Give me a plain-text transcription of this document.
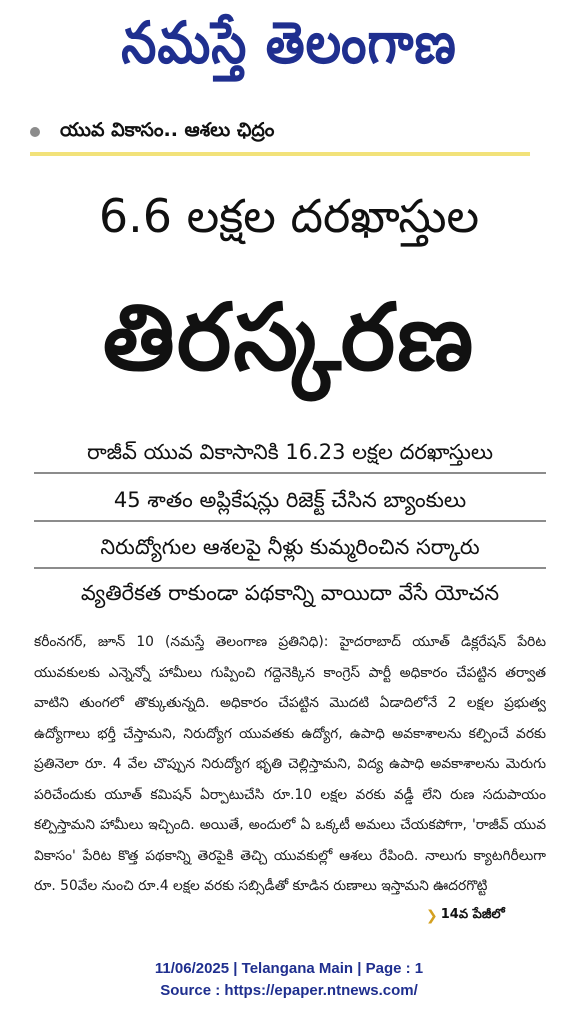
నమస్తే తెలంగాణ
యువ వికాసం.. ఆశలు ఛిద్రం
6.6 లక్షల దరఖాస్తుల
తిరస్కరణ
రాజీవ్ యువ వికాసానికి 16.23 లక్షల దరఖాస్తులు
45 శాతం అప్లికేషన్లు రిజెక్ట్ చేసిన బ్యాంకులు
నిరుద్యోగుల ఆశలపై నీళ్లు కుమ్మరించిన సర్కారు
వ్యతిరేకత రాకుండా పథకాన్ని వాయిదా వేసే యోచన
కరీంనగర్, జూన్ 10 (నమస్తే తెలంగాణ ప్రతినిధి): హైదరాబాద్ యూత్ డిక్లరేషన్ పేరిట యువకులకు ఎన్నెన్నో హామీలు గుప్పించి గద్దెనెక్కిన కాంగ్రెస్ పార్టీ అధికారం చేపట్టిన తర్వాత వాటిని తుంగలో తొక్కుతున్నది. అధికారం చేపట్టిన మొదటి ఏడాదిలోనే 2 లక్షల ప్రభుత్వ ఉద్యోగాలు భర్తీ చేస్తామని, నిరుద్యోగ యువతకు ఉద్యోగ, ఉపాధి అవకాశాలను కల్పించే వరకు ప్రతినెలా రూ. 4 వేల చొప్పున నిరుద్యోగ భృతి చెల్లిస్తామని, విద్య ఉపాధి అవకాశాలను మెరుగు పరిచేందుకు యూత్ కమిషన్ ఏర్పాటుచేసి రూ.10 లక్షల వరకు వడ్డీ లేని రుణ సదుపాయం కల్పిస్తామని హామీలు ఇచ్చింది. అయితే, అందులో ఏ ఒక్కటీ అమలు చేయకపోగా, 'రాజీవ్ యువ వికాసం' పేరిట కొత్త పథకాన్ని తెరపైకి తెచ్చి యువకుల్లో ఆశలు రేపింది. నాలుగు క్యాటగిరీలుగా రూ. 50వేల నుంచి రూ.4 లక్షల వరకు సబ్సిడీతో కూడిన రుణాలు ఇస్తామని ఊదరగొట్టి
❯ 14వ పేజీలో
11/06/2025 | Telangana Main | Page : 1
Source : https://epaper.ntnews.com/
